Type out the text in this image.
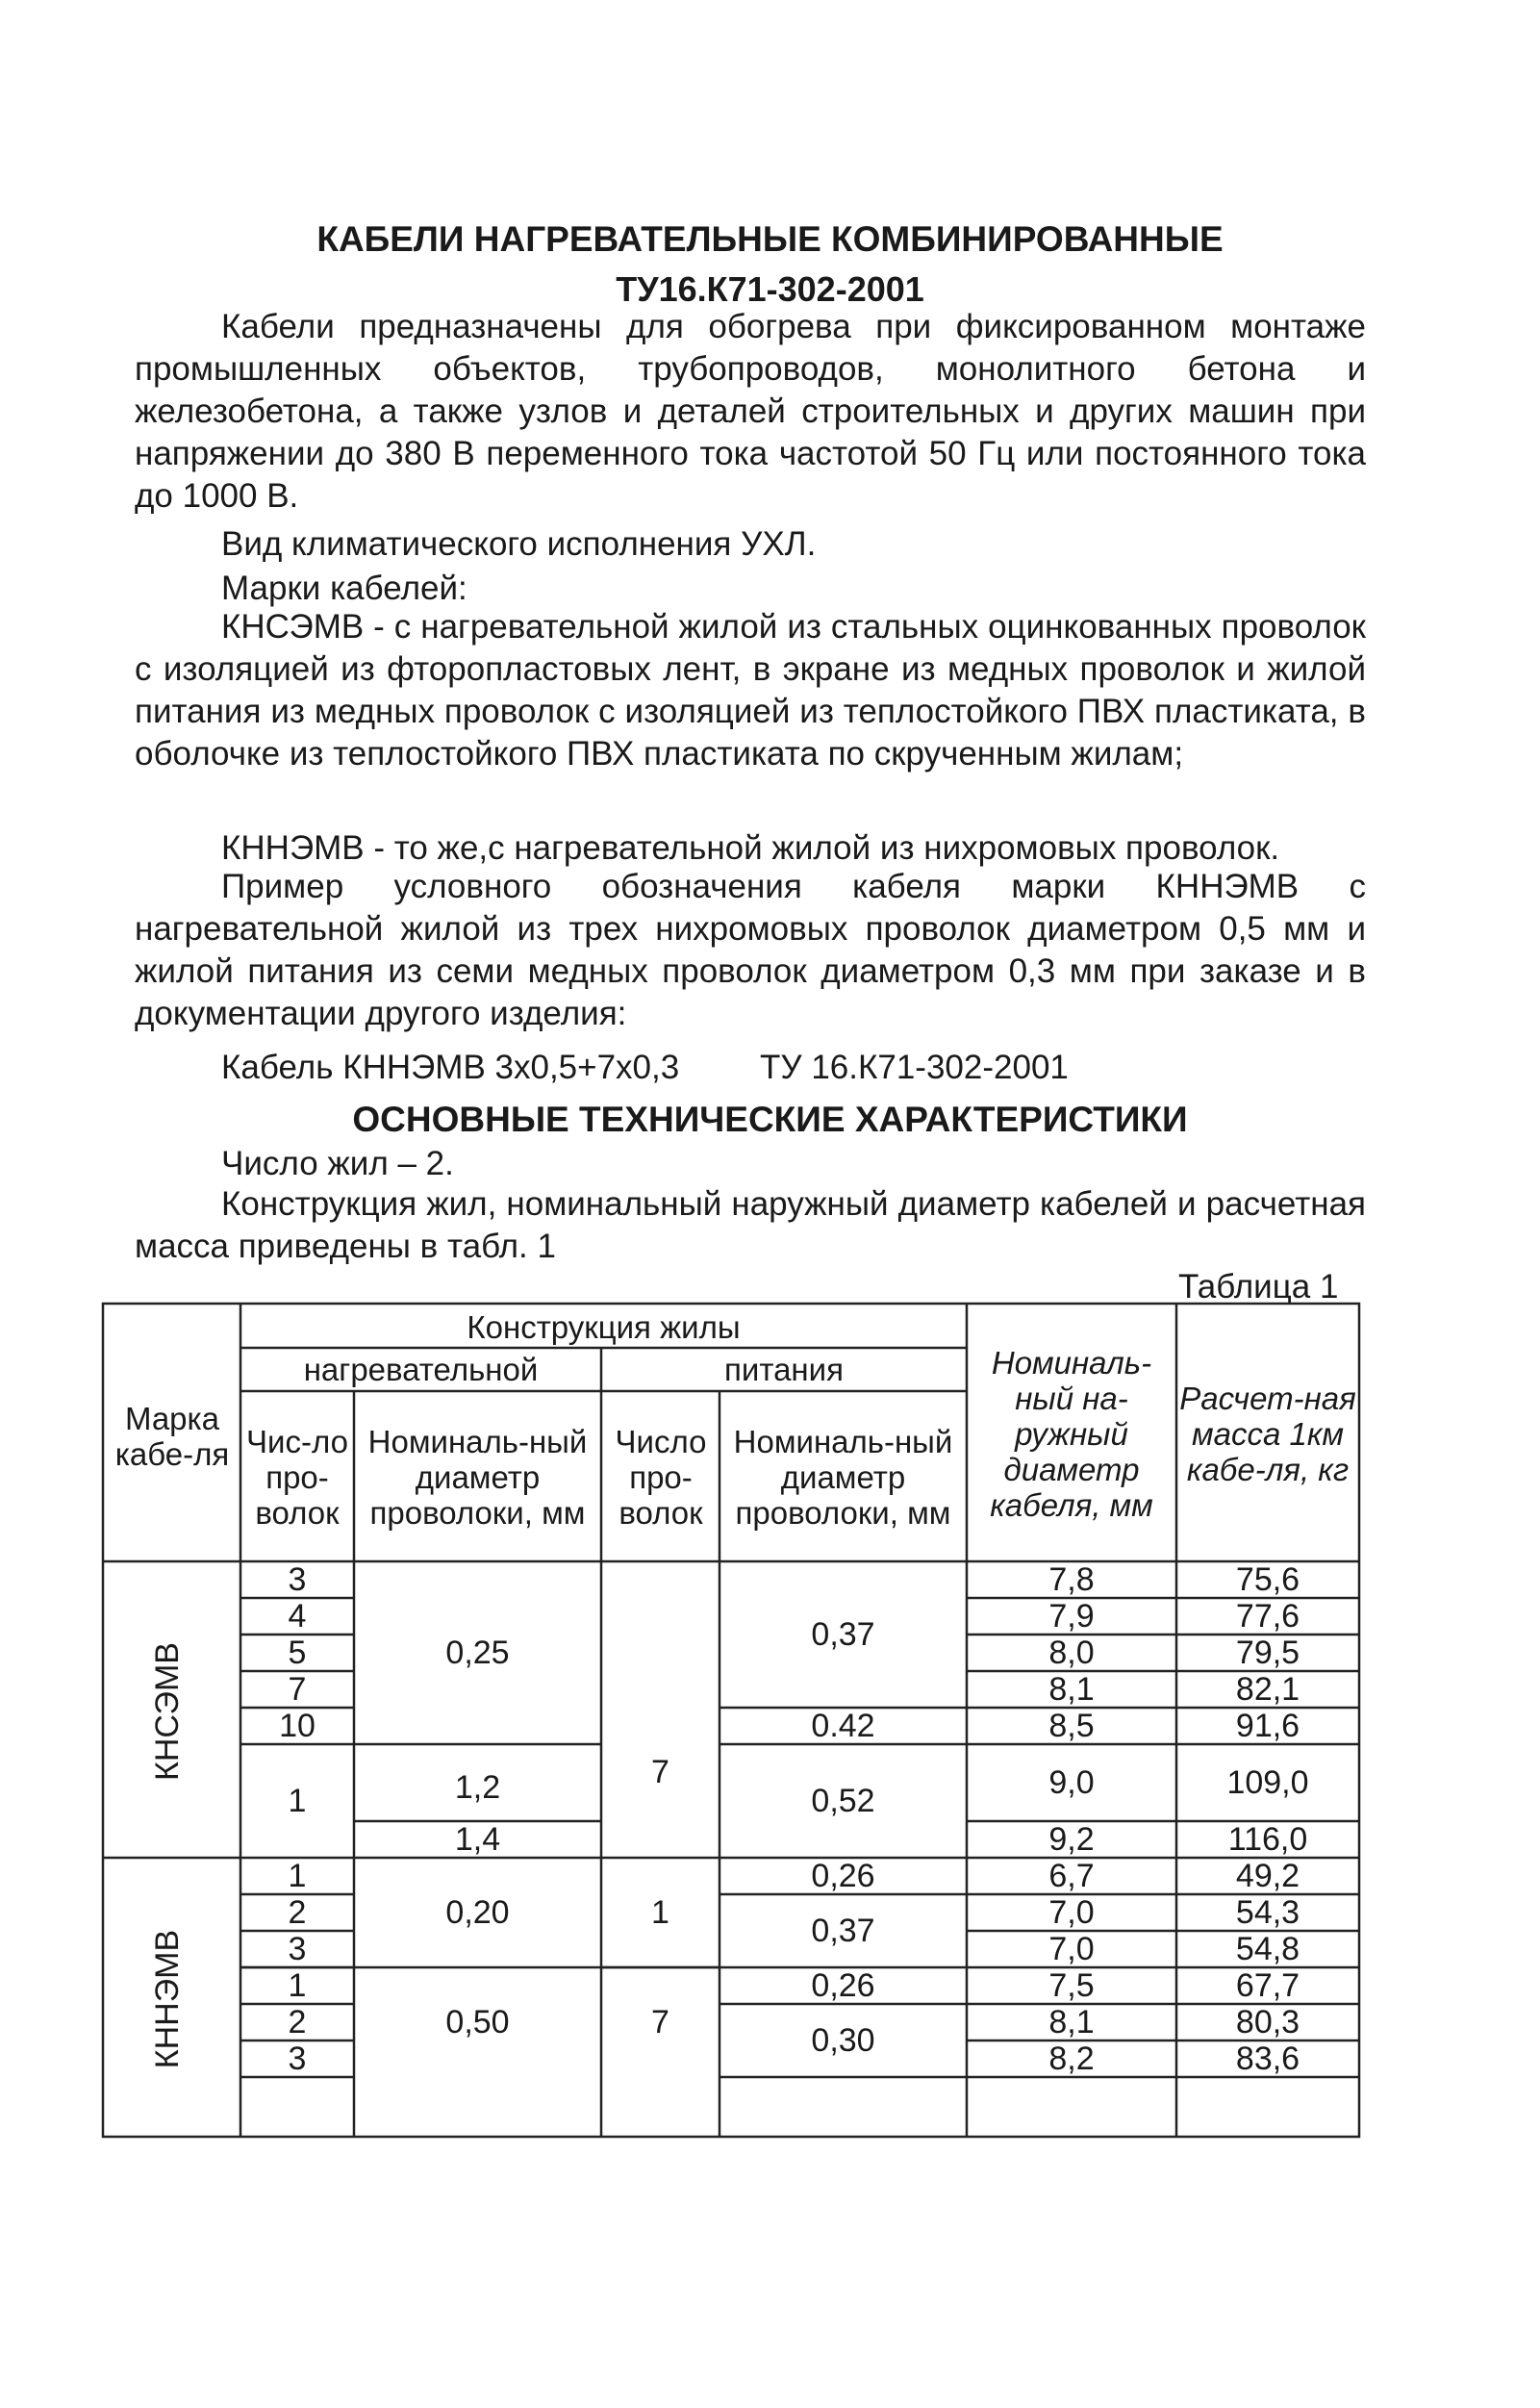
КАБЕЛИ НАГРЕВАТЕЛЬНЫЕ КОМБИНИРОВАННЫЕ
ТУ16.К71-302-2001
Кабели предназначены для обогрева при фиксированном монтаже промышленных объектов, трубопроводов, монолитного бетона и железобетона, а также узлов и деталей строительных и других машин при напряжении до 380 В переменного тока частотой 50 Гц или постоянного тока до 1000 В.
Вид климатического исполнения УХЛ.
Марки кабелей:
КНСЭМВ - с нагревательной жилой из стальных оцинкованных проволок с изоляцией из фторопластовых лент, в экране из медных проволок и жилой питания из медных проволок с изоляцией из теплостойкого ПВХ пластиката, в оболочке из теплостойкого ПВХ пластиката по скрученным жилам;
КННЭМВ - то же,с нагревательной жилой из нихромовых проволок.
Пример условного обозначения кабеля марки КННЭМВ с нагревательной жилой из трех нихромовых проволок диаметром 0,5 мм и жилой питания из семи медных проволок диаметром 0,3 мм при заказе и в документации другого изделия:
Кабель КННЭМВ 3х0,5+7х0,3 ТУ 16.К71-302-2001
ОСНОВНЫЕ ТЕХНИЧЕСКИЕ ХАРАКТЕРИСТИКИ
Число жил – 2.
Конструкция жил, номинальный наружный диаметр кабелей и расчетная масса приведены в табл. 1
Таблица 1
Марка кабе-ля
Конструкция жилы
нагревательной	питания
Чис-ло про-волок
Номиналь-ный диаметр проволоки, мм
Число про-волок
Номиналь-ный диаметр проволоки, мм
Номиналь-ный на-ружный диаметр кабеля, мм
Расчет-ная масса 1км кабе-ля, кг
КНСЭМВ
КННЭМВ
3
4
5
7
10
1
1
2
3
1
2
3
0,25
1,2
1,4
0,20
0,50
7
1
7
0,37
0.42
0,52
0,26
0,37
0,26
0,30
7,8
7,9
8,0
8,1
8,5
9,0
9,2
6,7
7,0
7,0
7,5
8,1
8,2
75,6
77,6
79,5
82,1
91,6
109,0
116,0
49,2
54,3
54,8
67,7
80,3
83,6
